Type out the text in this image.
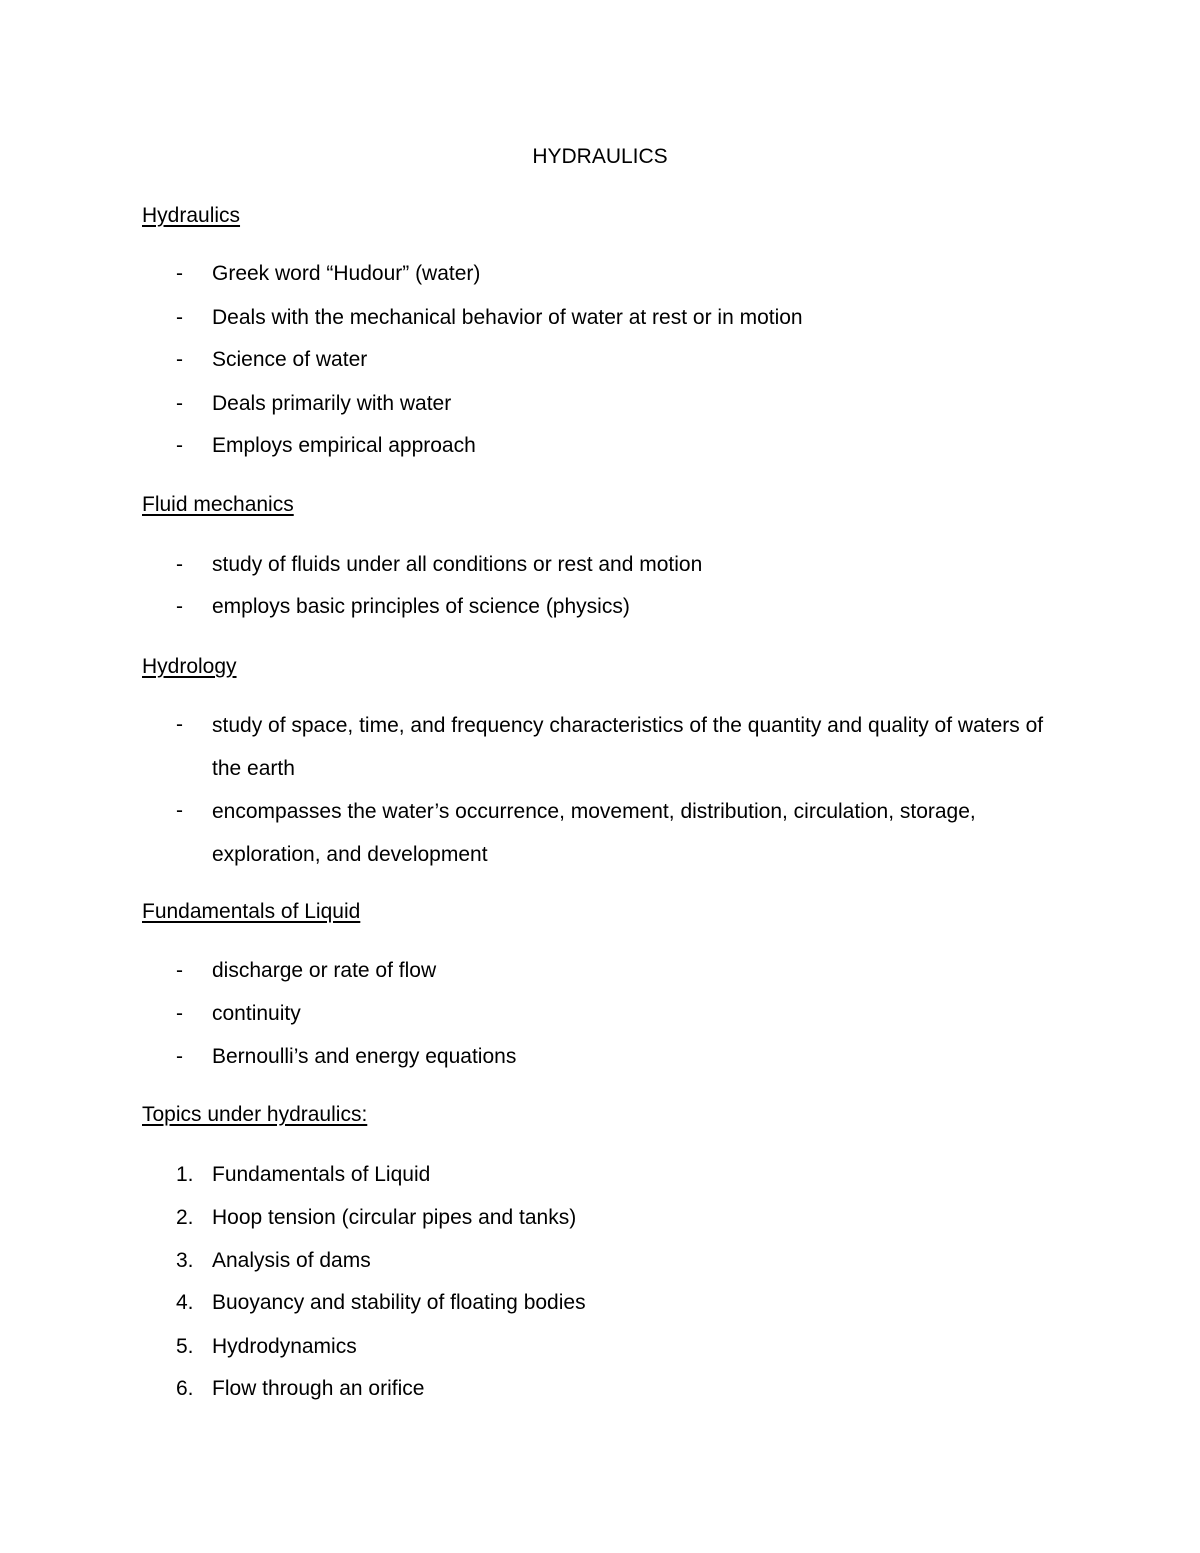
HYDRAULICS
Hydraulics
- Greek word “Hudour” (water)
- Deals with the mechanical behavior of water at rest or in motion
- Science of water
- Deals primarily with water
- Employs empirical approach
Fluid mechanics
- study of fluids under all conditions or rest and motion
- employs basic principles of science (physics)
Hydrology
- study of space, time, and frequency characteristics of the quantity and quality of waters of the earth
- encompasses the water’s occurrence, movement, distribution, circulation, storage, exploration, and development
Fundamentals of Liquid
- discharge or rate of flow
- continuity
- Bernoulli’s and energy equations
Topics under hydraulics:
1. Fundamentals of Liquid
2. Hoop tension (circular pipes and tanks)
3. Analysis of dams
4. Buoyancy and stability of floating bodies
5. Hydrodynamics
6. Flow through an orifice
